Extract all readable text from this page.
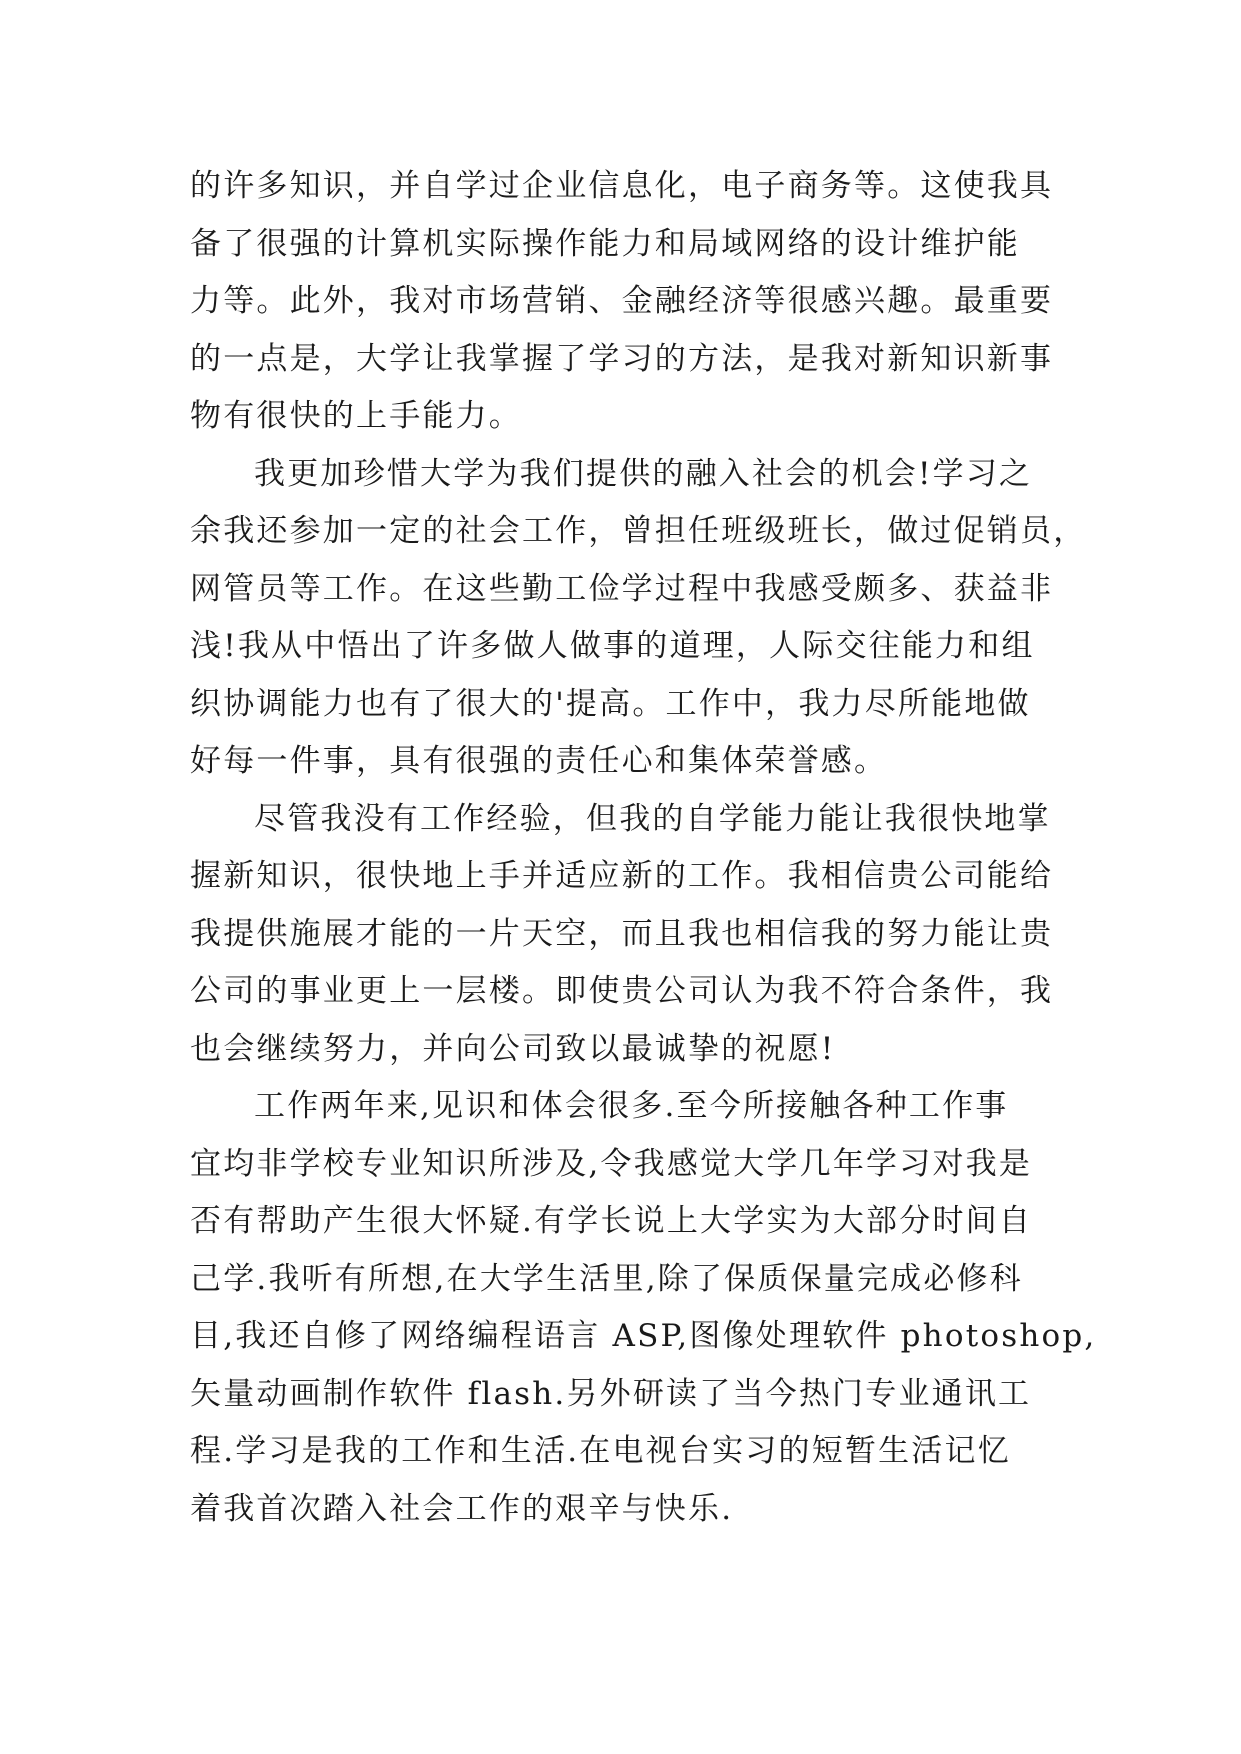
的许多知识，并自学过企业信息化，电子商务等。这使我具
备了很强的计算机实际操作能力和局域网络的设计维护能
力等。此外，我对市场营销、金融经济等很感兴趣。最重要
的一点是，大学让我掌握了学习的方法，是我对新知识新事
物有很快的上手能力。

我更加珍惜大学为我们提供的融入社会的机会!学习之
余我还参加一定的社会工作，曾担任班级班长，做过促销员，
网管员等工作。在这些勤工俭学过程中我感受颇多、获益非
浅!我从中悟出了许多做人做事的道理，人际交往能力和组
织协调能力也有了很大的'提高。工作中，我力尽所能地做
好每一件事，具有很强的责任心和集体荣誉感。

尽管我没有工作经验，但我的自学能力能让我很快地掌
握新知识，很快地上手并适应新的工作。我相信贵公司能给
我提供施展才能的一片天空，而且我也相信我的努力能让贵
公司的事业更上一层楼。即使贵公司认为我不符合条件，我
也会继续努力，并向公司致以最诚挚的祝愿!

工作两年来,见识和体会很多.至今所接触各种工作事
宜均非学校专业知识所涉及,令我感觉大学几年学习对我是
否有帮助产生很大怀疑.有学长说上大学实为大部分时间自
己学.我听有所想,在大学生活里,除了保质保量完成必修科
目,我还自修了网络编程语言 ASP,图像处理软件 photoshop,
矢量动画制作软件 flash.另外研读了当今热门专业通讯工
程.学习是我的工作和生活.在电视台实习的短暂生活记忆
着我首次踏入社会工作的艰辛与快乐.
